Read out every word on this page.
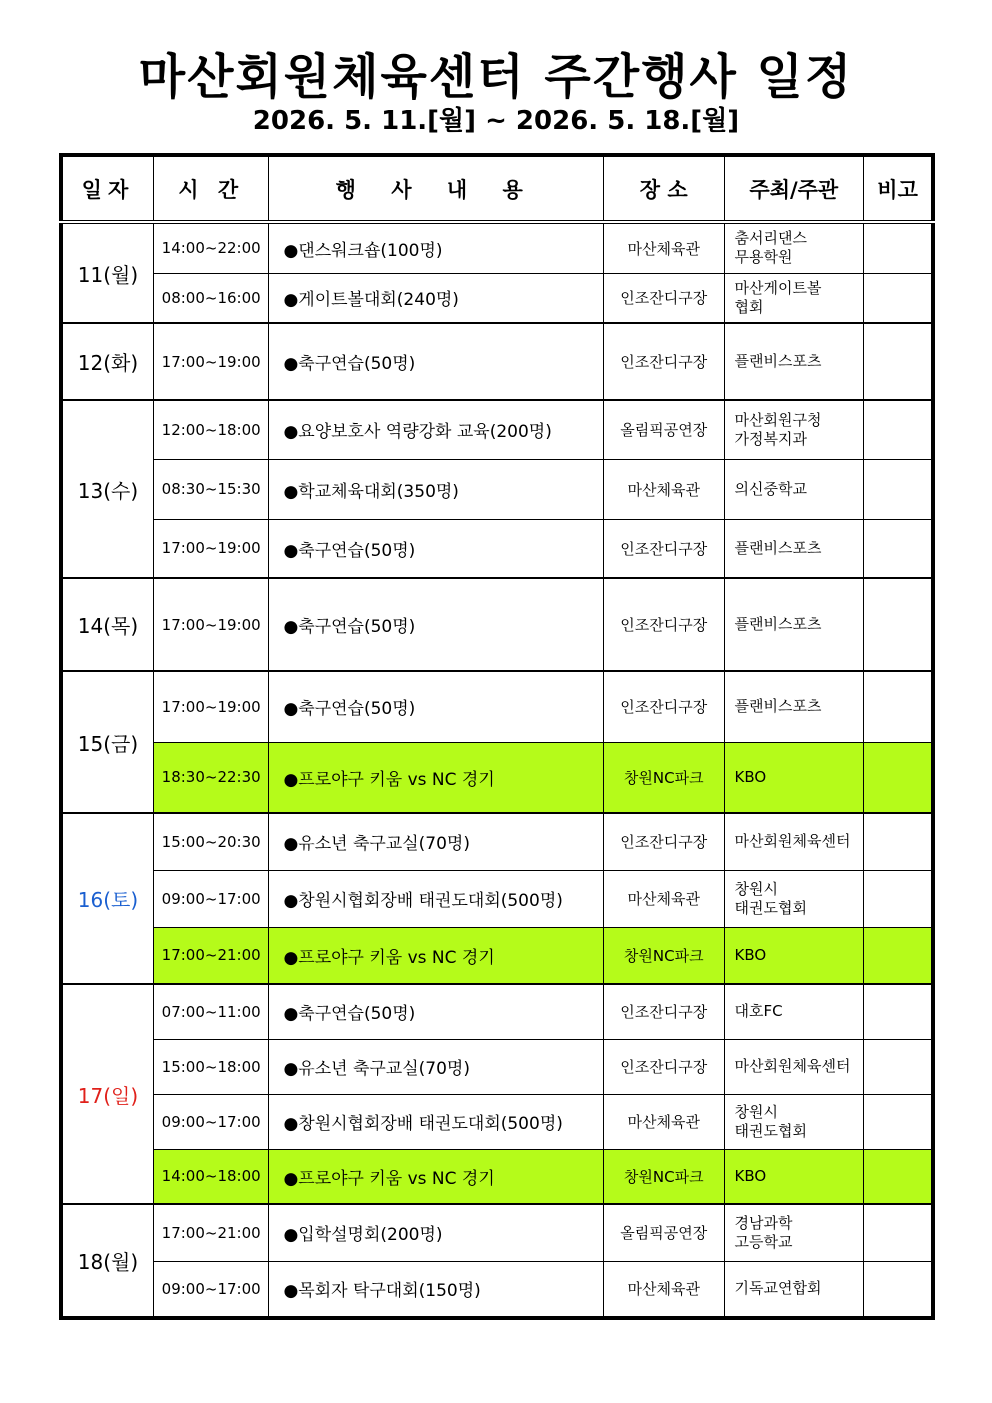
마산회원체육센터 주간행사 일정
2026. 5. 11.[월] ~ 2026. 5. 18.[월]
일자	시 간	행 사 내 용	장 소	주최/주관	비고
11(월)	14:00~22:00	●댄스워크숍(100명)	마산체육관	춤서리댄스
무용학원	

	08:00~16:00	●게이트볼대회(240명)	인조잔디구장	마산게이트볼
협회	

12(화)	17:00~19:00	●축구연습(50명)	인조잔디구장	플랜비스포츠	

13(수)	12:00~18:00	●요양보호사 역량강화 교육(200명)	올림픽공연장	마산회원구청
가정복지과	

	08:30~15:30	●학교체육대회(350명)	마산체육관	의신중학교	

	17:00~19:00	●축구연습(50명)	인조잔디구장	플랜비스포츠	

14(목)	17:00~19:00	●축구연습(50명)	인조잔디구장	플랜비스포츠	

15(금)	17:00~19:00	●축구연습(50명)	인조잔디구장	플랜비스포츠	

	18:30~22:30	●프로야구 키움 vs NC 경기	창원NC파크	KBO	

16(토)	15:00~20:30	●유소년 축구교실(70명)	인조잔디구장	마산회원체육센터	

	09:00~17:00	●창원시협회장배 태권도대회(500명)	마산체육관	창원시
태권도협회	

	17:00~21:00	●프로야구 키움 vs NC 경기	창원NC파크	KBO	

17(일)	07:00~11:00	●축구연습(50명)	인조잔디구장	대호FC	

	15:00~18:00	●유소년 축구교실(70명)	인조잔디구장	마산회원체육센터	

	09:00~17:00	●창원시협회장배 태권도대회(500명)	마산체육관	창원시
태권도협회	

	14:00~18:00	●프로야구 키움 vs NC 경기	창원NC파크	KBO	

18(월)	17:00~21:00	●입학설명회(200명)	올림픽공연장	경남과학
고등학교	

	09:00~17:00	●목회자 탁구대회(150명)	마산체육관	기독교연합회	
